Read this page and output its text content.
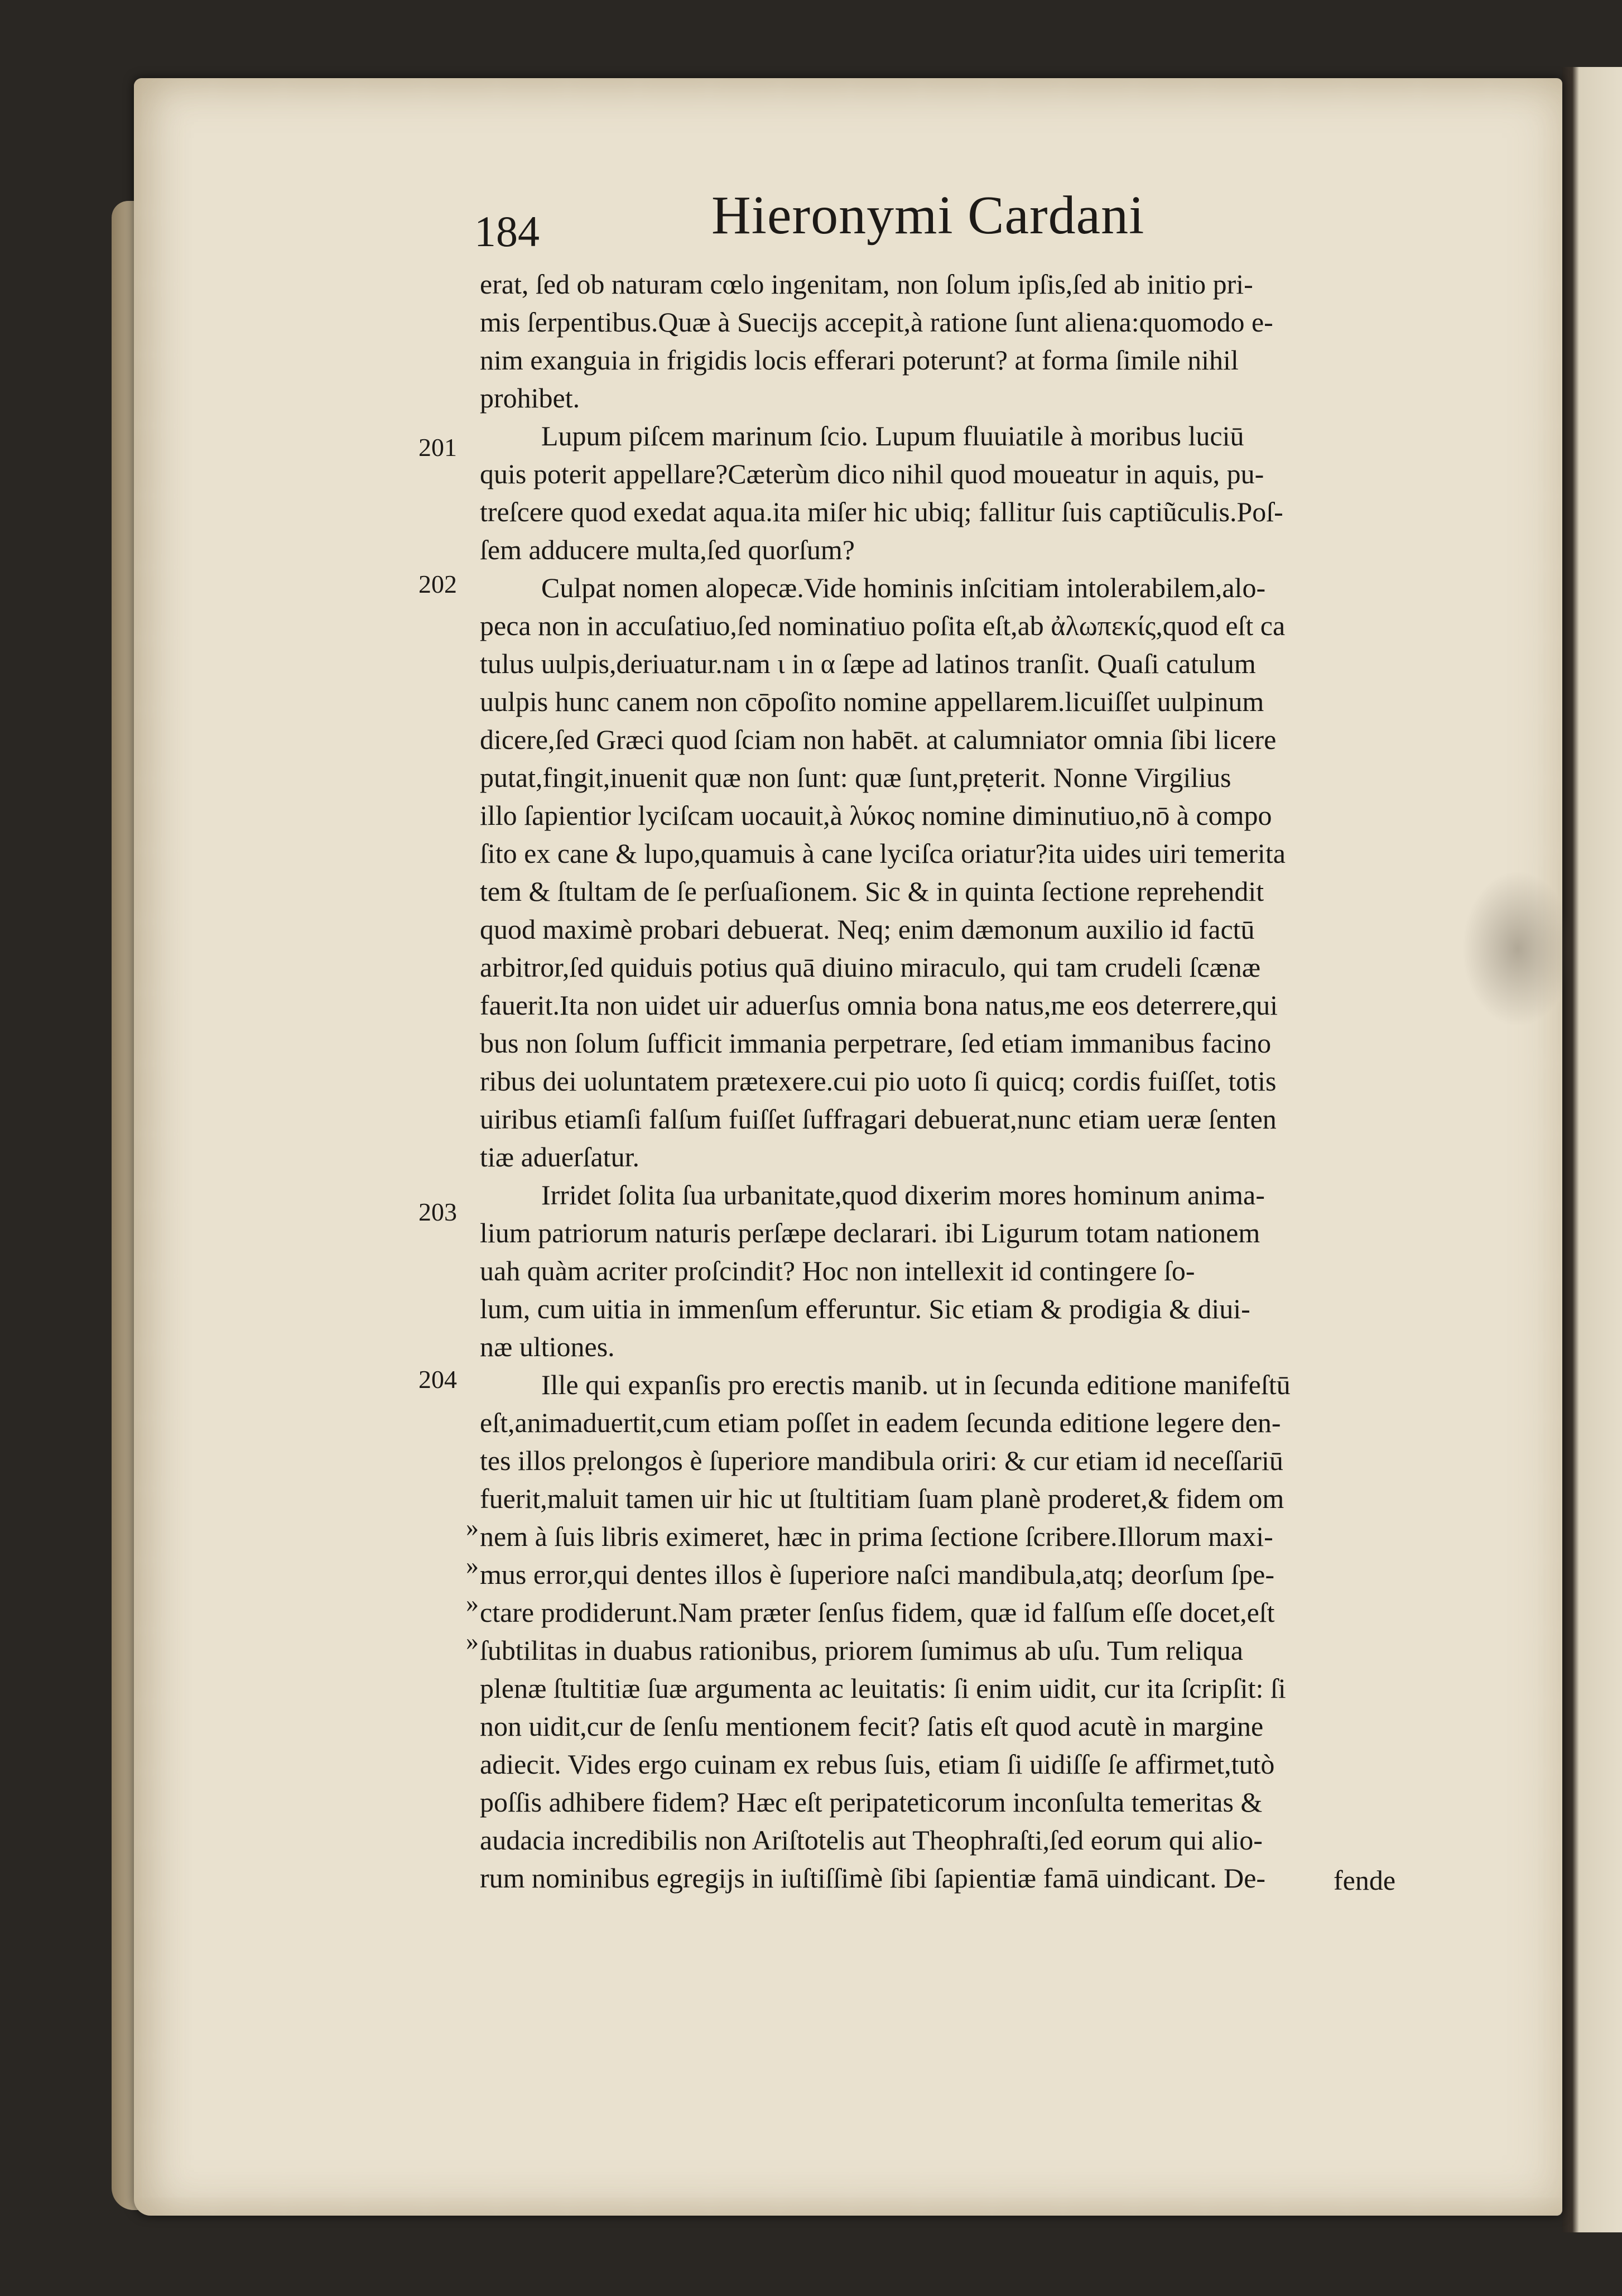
184	Hieronymi Cardani
201
202
203
204
»
»
»
»
erat, ſed ob naturam cœlo ingenitam, non ſolum ipſis,ſed ab initio pri-
mis ſerpentibus.Quæ à Suecijs accepit,à ratione ſunt aliena:quomodo e-
nim exanguia in frigidis locis efferari poterunt? at forma ſimile nihil
prohibet.
Lupum piſcem marinum ſcio. Lupum fluuiatile à moribus luciū
quis poterit appellare?Cæterùm dico nihil quod moueatur in aquis, pu-
treſcere quod exedat aqua.ita miſer hic ubiq; fallitur ſuis captiũculis.Poſ-
ſem adducere multa,ſed quorſum?
Culpat nomen alopecæ.Vide hominis inſcitiam intolerabilem,alo-
peca non in accuſatiuo,ſed nominatiuo poſita eſt,ab ἀλωπεκίς,quod eſt ca
tulus uulpis,deriuatur.nam ι in α ſæpe ad latinos tranſit. Quaſi catulum
uulpis hunc canem non cōpoſito nomine appellarem.licuiſſet uulpinum
dicere,ſed Græci quod ſciam non habēt. at calumniator omnia ſibi licere
putat,fingit,inuenit quæ non ſunt: quæ ſunt,prẹterit. Nonne Virgilius
illo ſapientior lyciſcam uocauit,à λύκος nomine diminutiuo,nō à compo
ſito ex cane & lupo,quamuis à cane lyciſca oriatur?ita uides uiri temerita
tem & ſtultam de ſe perſuaſionem. Sic & in quinta ſectione reprehendit
quod maximè probari debuerat. Neq; enim dæmonum auxilio id factū
arbitror,ſed quiduis potius quā diuino miraculo, qui tam crudeli ſcænæ
fauerit.Ita non uidet uir aduerſus omnia bona natus,me eos deterrere,qui
bus non ſolum ſufficit immania perpetrare, ſed etiam immanibus facino
ribus dei uoluntatem prætexere.cui pio uoto ſi quicq; cordis fuiſſet, totis
uiribus etiamſi falſum fuiſſet ſuffragari debuerat,nunc etiam ueræ ſenten
tiæ aduerſatur.
Irridet ſolita ſua urbanitate,quod dixerim mores hominum anima-
lium patriorum naturis perſæpe declarari. ibi Ligurum totam nationem
uah quàm acriter proſcindit? Hoc non intellexit id contingere ſo-
lum, cum uitia in immenſum efferuntur. Sic etiam & prodigia & diui-
næ ultiones.
Ille qui expanſis pro erectis manib. ut in ſecunda editione manifeſtū
eſt,animaduertit,cum etiam poſſet in eadem ſecunda editione legere den-
tes illos pṛelongos è ſuperiore mandibula oriri: & cur etiam id neceſſariū
fuerit,maluit tamen uir hic ut ſtultitiam ſuam planè proderet,& fidem om
nem à ſuis libris eximeret, hæc in prima ſectione ſcribere.Illorum maxi-
mus error,qui dentes illos è ſuperiore naſci mandibula,atq; deorſum ſpe-
ctare prodiderunt.Nam præter ſenſus fidem, quæ id falſum eſſe docet,eſt
ſubtilitas in duabus rationibus, priorem ſumimus ab uſu. Tum reliqua
plenæ ſtultitiæ ſuæ argumenta ac leuitatis: ſi enim uidit, cur ita ſcripſit: ſi
non uidit,cur de ſenſu mentionem fecit? ſatis eſt quod acutè in margine
adiecit. Vides ergo cuinam ex rebus ſuis, etiam ſi uidiſſe ſe affirmet,tutò
poſſis adhibere fidem? Hæc eſt peripateticorum inconſulta temeritas &
audacia incredibilis non Ariſtotelis aut Theophraſti,ſed eorum qui alio-
rum nominibus egregijs in iuſtiſſimè ſibi ſapientiæ famā uindicant. De-	fende
